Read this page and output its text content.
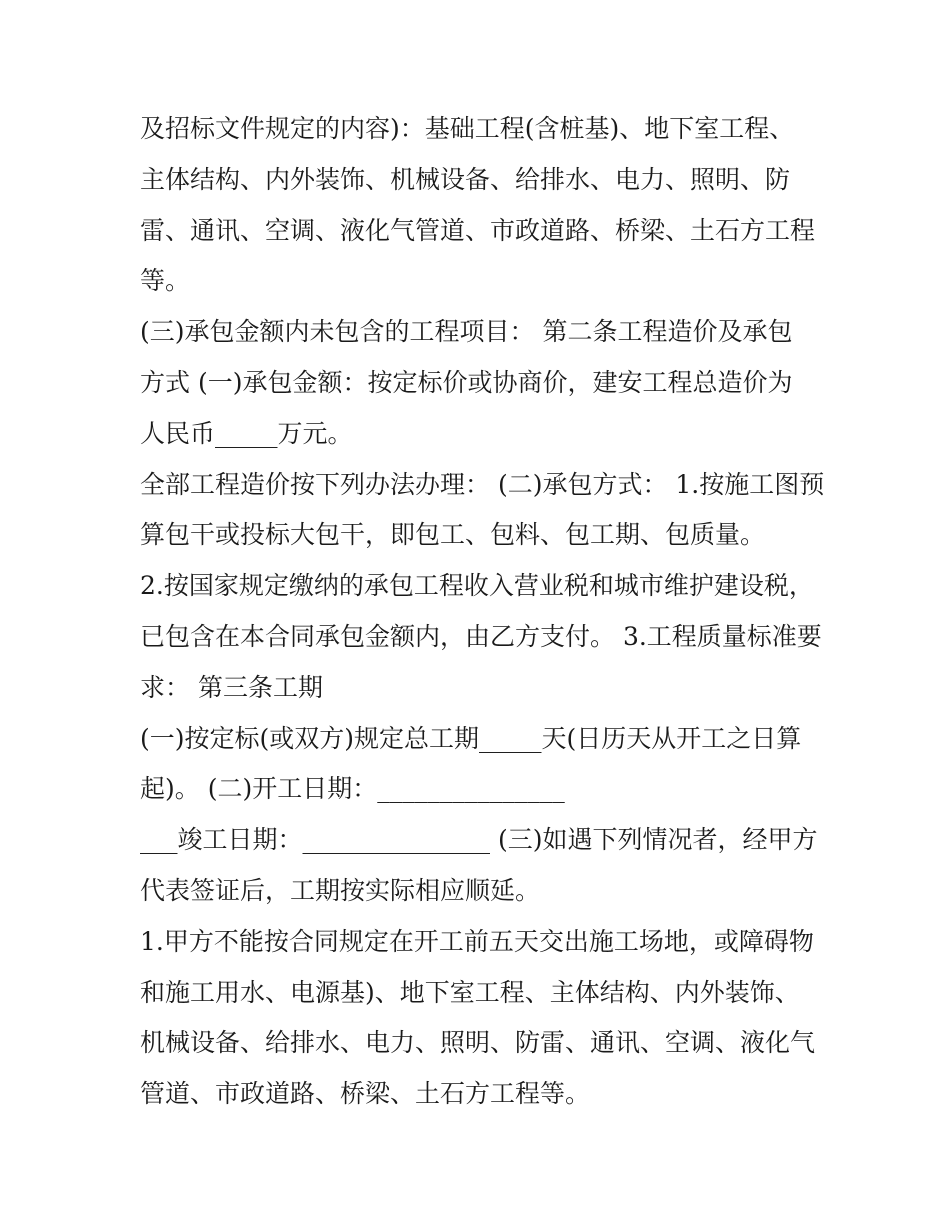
及招标文件规定的内容)：基础工程(含桩基)、地下室工程、
主体结构、内外装饰、机械设备、给排水、电力、照明、防
雷、通讯、空调、液化气管道、市政道路、桥梁、土石方工程
等。
(三)承包金额内未包含的工程项目： 第二条工程造价及承包
方式 (一)承包金额：按定标价或协商价，建安工程总造价为
人民币_____万元。
全部工程造价按下列办法办理： (二)承包方式： 1.按施工图预
算包干或投标大包干，即包工、包料、包工期、包质量。
2.按国家规定缴纳的承包工程收入营业税和城市维护建设税，
已包含在本合同承包金额内，由乙方支付。 3.工程质量标准要
求： 第三条工期
(一)按定标(或双方)规定总工期_____天(日历天从开工之日算
起)。 (二)开工日期：_______________
___竣工日期：_______________ (三)如遇下列情况者，经甲方
代表签证后，工期按实际相应顺延。
1.甲方不能按合同规定在开工前五天交出施工场地，或障碍物
和施工用水、电源基)、地下室工程、主体结构、内外装饰、
机械设备、给排水、电力、照明、防雷、通讯、空调、液化气
管道、市政道路、桥梁、土石方工程等。
